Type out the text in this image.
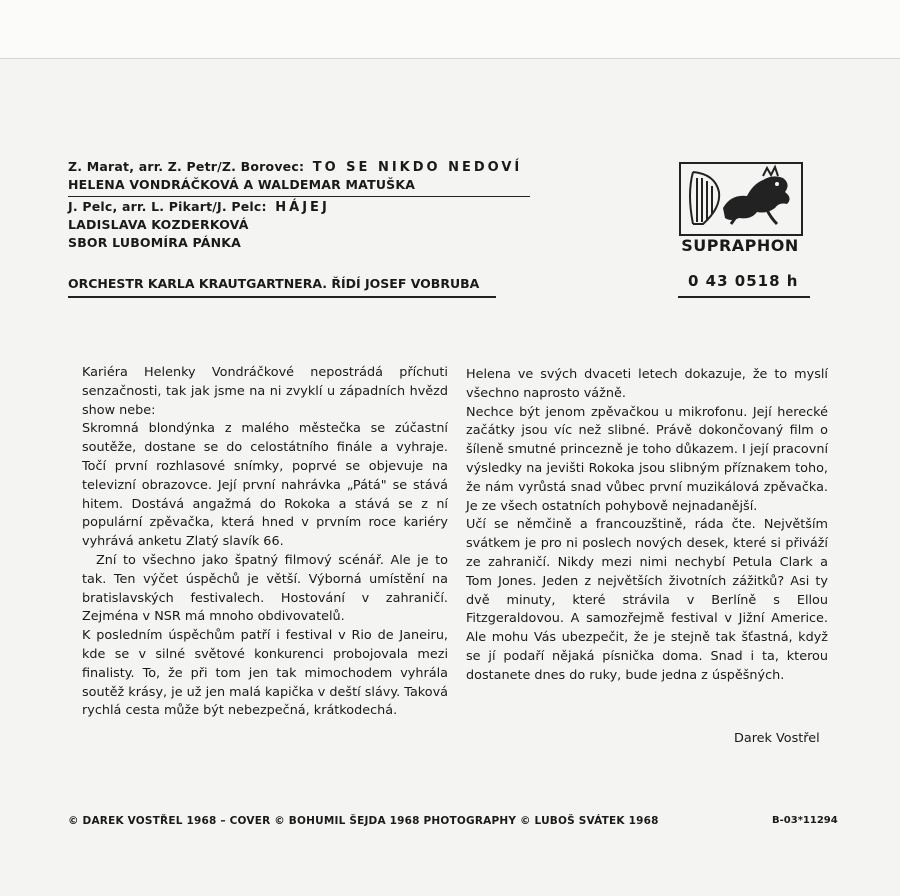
Z. Marat, arr. Z. Petr/Z. Borovec: TO SE NIKDO NEDOVÍ
HELENA VONDRÁČKOVÁ A WALDEMAR MATUŠKA
J. Pelc, arr. L. Pikart/J. Pelc: HÁJEJ
LADISLAVA KOZDERKOVÁ
SBOR LUBOMÍRA PÁNKA
ORCHESTR KARLA KRAUTGARTNERA. ŘÍDÍ JOSEF VOBRUBA
SUPRAPHON
0 43 0518 h

Kariéra Helenky Vondráčkové nepostrádá příchuti senzačnosti, tak jak jsme na ni zvyklí u západních hvězd show nebe:

Skromná blondýnka z malého městečka se zúčastní soutěže, dostane se do celostátního finále a vyhraje. Točí první rozhlasové snímky, poprvé se objevuje na televizní obrazovce. Její první nahrávka „Pátá" se stává hitem. Dostává angažmá do Rokoka a stává se z ní populární zpěvačka, která hned v prvním roce kariéry vyhrává anketu Zlatý slavík 66.

Zní to všechno jako špatný filmový scénář. Ale je to tak. Ten výčet úspěchů je větší. Výborná umístění na bratislavských festivalech. Hostování v zahraničí. Zejména v NSR má mnoho obdivovatelů.

K posledním úspěchům patří i festival v Rio de Janeiru, kde se v silné světové konkurenci probojovala mezi finalisty. To, že při tom jen tak mimochodem vyhrála soutěž krásy, je už jen malá kapička v deští slávy. Taková rychlá cesta může být nebezpečná, krátkodechá.

Helena ve svých dvaceti letech dokazuje, že to myslí všechno naprosto vážně.

Nechce být jenom zpěvačkou u mikrofonu. Její herecké začátky jsou víc než slibné. Právě dokončovaný film o šíleně smutné princezně je toho důkazem. I její pracovní výsledky na jevišti Rokoka jsou slibným příznakem toho, že nám vyrůstá snad vůbec první muzikálová zpěvačka. Je ze všech ostatních pohybově nejnadanější.

Učí se němčině a francouzštině, ráda čte. Největším svátkem je pro ni poslech nových desek, které si přiváží ze zahraničí. Nikdy mezi nimi nechybí Petula Clark a Tom Jones. Jeden z největších životních zážitků? Asi ty dvě minuty, které strávila v Berlíně s Ellou Fitzgeraldovou. A samozřejmě festival v Jižní Americe. Ale mohu Vás ubezpečit, že je stejně tak šťastná, když se jí podaří nějaká písnička doma. Snad i ta, kterou dostanete dnes do ruky, bude jedna z úspěšných.

Darek Vostřel
© DAREK VOSTŘEL 1968 – COVER © BOHUMIL ŠEJDA 1968 PHOTOGRAPHY © LUBOŠ SVÁTEK 1968	B-03*11294
